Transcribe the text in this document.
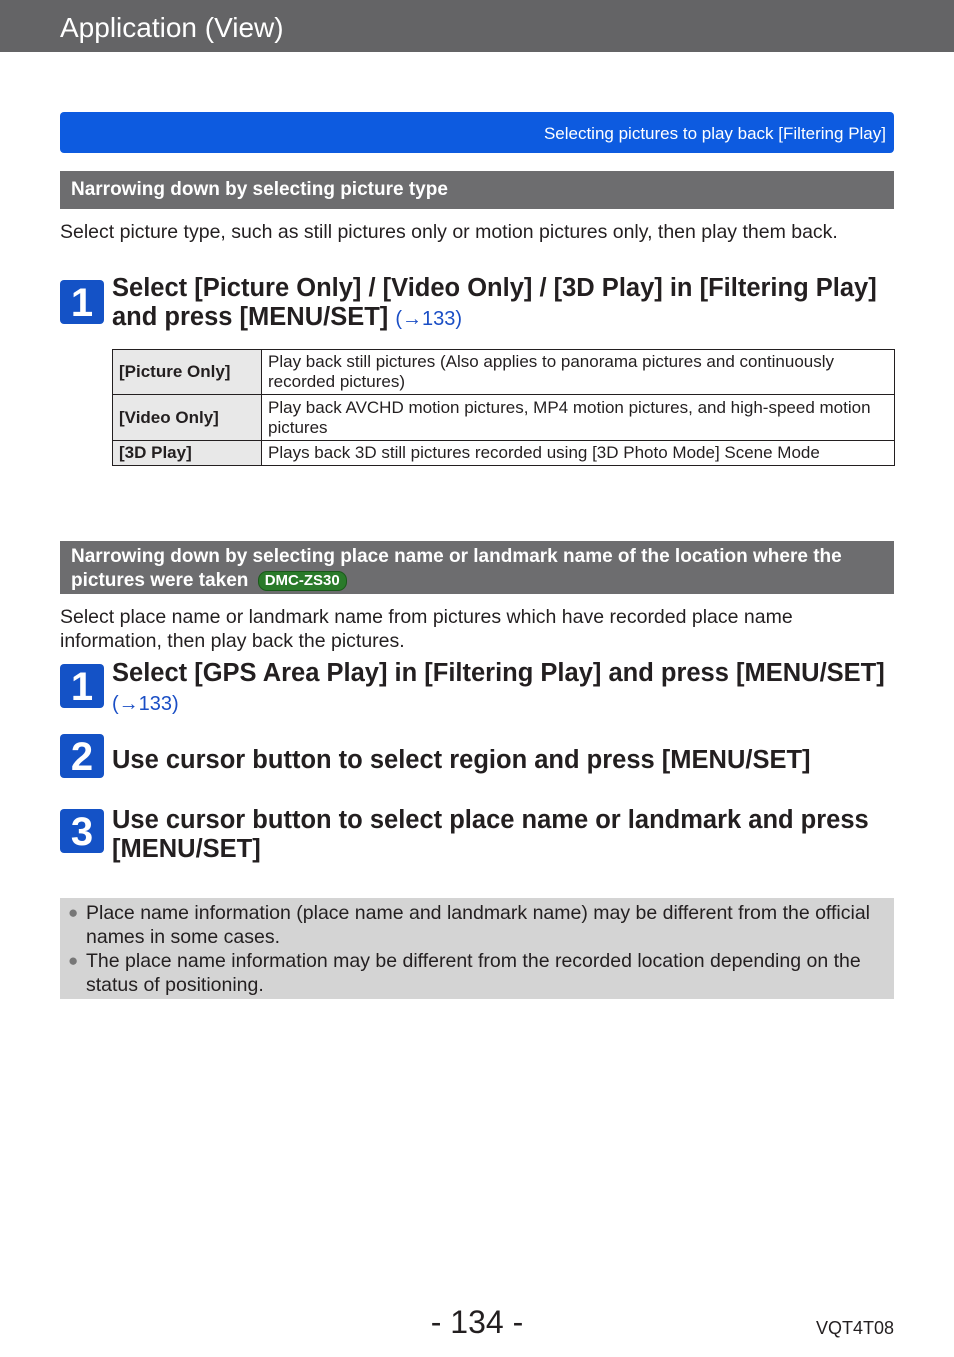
Application (View)
Selecting pictures to play back [Filtering Play]
Narrowing down by selecting picture type
Select picture type, such as still pictures only or motion pictures only, then play them back.
1 Select [Picture Only] / [Video Only] / [3D Play] in [Filtering Play] and press [MENU/SET] (→133)
[Picture Only]	Play back still pictures (Also applies to panorama pictures and continuously recorded pictures)
[Video Only]	Play back AVCHD motion pictures, MP4 motion pictures, and high-speed motion pictures
[3D Play]	Plays back 3D still pictures recorded using [3D Photo Mode] Scene Mode
Narrowing down by selecting place name or landmark name of the location where the pictures were taken DMC-ZS30
Select place name or landmark name from pictures which have recorded place name information, then play back the pictures.
1 Select [GPS Area Play] in [Filtering Play] and press [MENU/SET] (→133)
2 Use cursor button to select region and press [MENU/SET]
3 Use cursor button to select place name or landmark and press [MENU/SET]
● Place name information (place name and landmark name) may be different from the official names in some cases.
● The place name information may be different from the recorded location depending on the status of positioning.
- 134 -	VQT4T08
